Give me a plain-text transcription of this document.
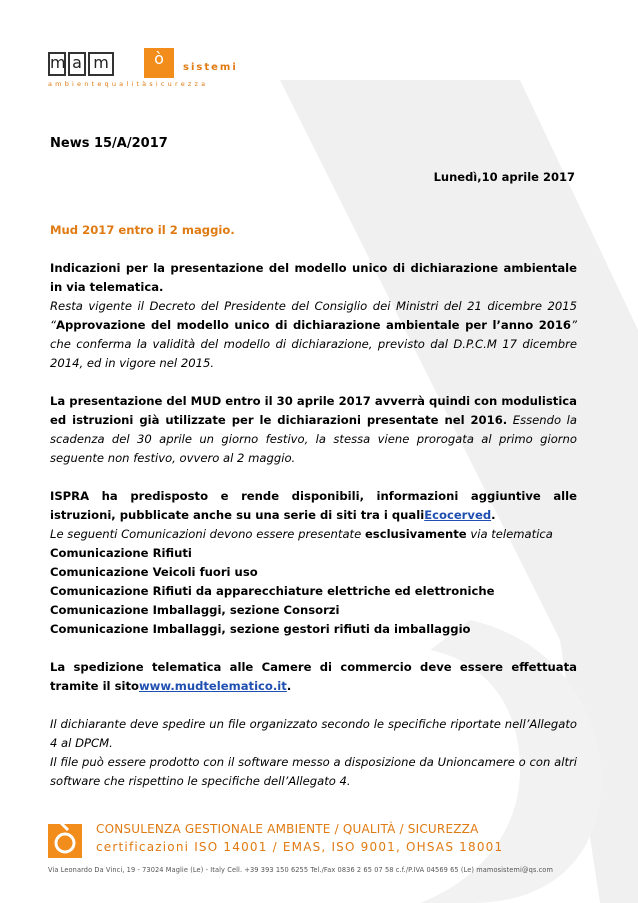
m a m	ò	sistemi
ambientequalitàsicurezza
News 15/A/2017
Lunedì,10 aprile 2017

Mud 2017 entro il 2 maggio.

Indicazioni per la presentazione del modello unico di dichiarazione ambientale in via telematica.

Resta vigente il Decreto del Presidente del Consiglio dei Ministri del 21 dicembre 2015 “Approvazione del modello unico di dichiarazione ambientale per l’anno 2016” che conferma la validità del modello di dichiarazione, previsto dal D.P.C.M 17 dicembre 2014, ed in vigore nel 2015.

La presentazione del MUD entro il 30 aprile 2017 avverrà quindi con modulistica ed istruzioni già utilizzate per le dichiarazioni presentate nel 2016. Essendo la scadenza del 30 aprile un giorno festivo, la stessa viene prorogata al primo giorno seguente non festivo, ovvero al 2 maggio.

ISPRA ha predisposto e rende disponibili, informazioni aggiuntive alle istruzioni, pubblicate anche su una serie di siti tra i qualiEcocerved.

Le seguenti Comunicazioni devono essere presentate esclusivamente via telematica

Comunicazione Rifiuti

Comunicazione Veicoli fuori uso

Comunicazione Rifiuti da apparecchiature elettriche ed elettroniche

Comunicazione Imballaggi, sezione Consorzi

Comunicazione Imballaggi, sezione gestori rifiuti da imballaggio

La spedizione telematica alle Camere di commercio deve essere effettuata tramite il sitowww.mudtelematico.it.

Il dichiarante deve spedire un file organizzato secondo le specifiche riportate nell’Allegato 4 al DPCM.

Il file può essere prodotto con il software messo a disposizione da Unioncamere o con altri software che rispettino le specifiche dell’Allegato 4.

CONSULENZA GESTIONALE AMBIENTE / QUALITÀ / SICUREZZA
certificazioni ISO 14001 / EMAS, ISO 9001, OHSAS 18001
Via Leonardo Da Vinci, 19 - 73024 Maglie (Le) - Italy Cell. +39 393 150 6255 Tel./Fax 0836 2 65 07 58 c.f./P.IVA 04569 65 (Le) mamosistemi@qs.com
